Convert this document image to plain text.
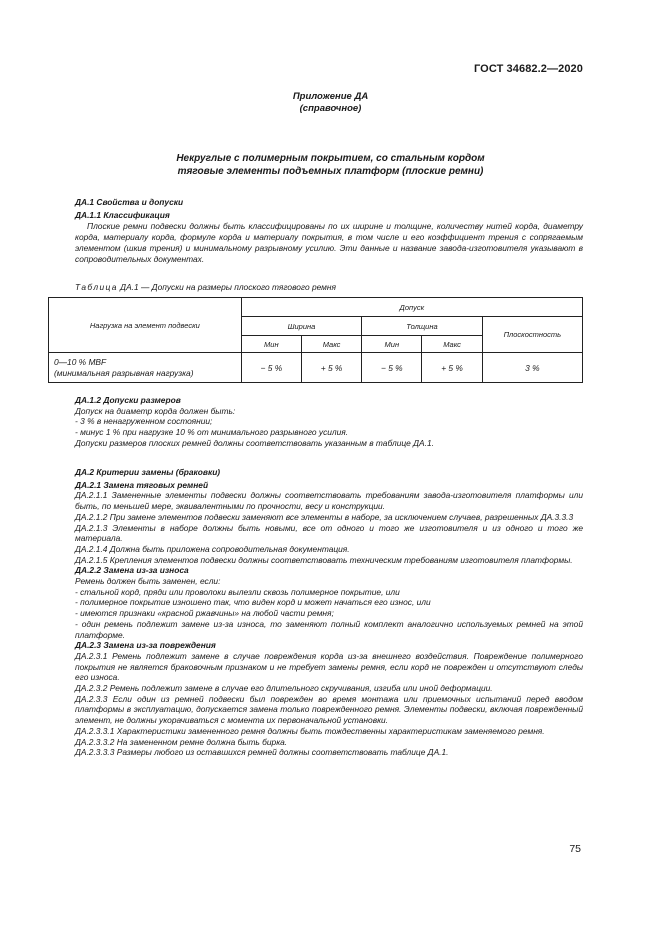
ГОСТ 34682.2—2020
Приложение ДА
(справочное)
Некруглые с полимерным покрытием, со стальным кордом
тяговые элементы подъемных платформ (плоские ремни)

ДА.1 Свойства и допуски

ДА.1.1 Классификация

Плоские ремни подвески должны быть классифицированы по их ширине и толщине, количеству нитей корда, диаметру корда, материалу корда, формуле корда и материалу покрытия, в том числе и его коэффициент трения с сопрягаемым элементом (шкив трения) и минимальному разрывному усилию. Эти данные и название завода-изготовителя указывают в сопроводительных документах.

Таблица ДА.1 — Допуски на размеры плоского тягового ремня
Нагрузка на элемент подвески	Допуск				
	Ширина		Толщина		Плоскостность
	Мин	Макс	Мин	Макс	

0—10 % MBF
(минимальная разрывная нагрузка)	− 5 %	+ 5 %	− 5 %	+ 5 %	3 %

ДА.1.2 Допуски размеров

Допуск на диаметр корда должен быть:

- 3 % в ненагруженном состоянии;

- минус 1 % при нагрузке 10 % от минимального разрывного усилия.

Допуски размеров плоских ремней должны соответствовать указанным в таблице ДА.1.

ДА.2 Критерии замены (браковки)

ДА.2.1 Замена тяговых ремней

ДА.2.1.1 Замененные элементы подвески должны соответствовать требованиям завода-изготовителя платформы или быть, по меньшей мере, эквивалентными по прочности, весу и конструкции.

ДА.2.1.2 При замене элементов подвески заменяют все элементы в наборе, за исключением случаев, разрешенных ДА.3.3.3

ДА.2.1.3 Элементы в наборе должны быть новыми, все от одного и того же изготовителя и из одного и того же материала.

ДА.2.1.4 Должна быть приложена сопроводительная документация.

ДА.2.1.5 Крепления элементов подвески должны соответствовать техническим требованиям изготовителя платформы.

ДА.2.2 Замена из-за износа

Ремень должен быть заменен, если:

- стальной корд, пряди или проволоки вылезли сквозь полимерное покрытие, или

- полимерное покрытие изношено так, что виден корд и может начаться его износ, или

- имеются признаки «красной ржавчины» на любой части ремня;

- один ремень подлежит замене из-за износа, то заменяют полный комплект аналогично используемых ремней на этой платформе.

ДА.2.3 Замена из-за повреждения

ДА.2.3.1 Ремень подлежит замене в случае повреждения корда из-за внешнего воздействия. Повреждение полимерного покрытия не является браковочным признаком и не требует замены ремня, если корд не поврежден и отсутствуют следы его износа.

ДА.2.3.2 Ремень подлежит замене в случае его длительного скручивания, изгиба или иной деформации.

ДА.2.3.3 Если один из ремней подвески был поврежден во время монтажа или приемочных испытаний перед вводом платформы в эксплуатацию, допускается замена только поврежденного ремня. Элементы подвески, включая поврежденный элемент, не должны укорачиваться с момента их первоначальной установки.

ДА.2.3.3.1 Характеристики замененного ремня должны быть тождественны характеристикам заменяемого ремня.

ДА.2.3.3.2 На замененном ремне должна быть бирка.

ДА.2.3.3.3 Размеры любого из оставшихся ремней должны соответствовать таблице ДА.1.

75
